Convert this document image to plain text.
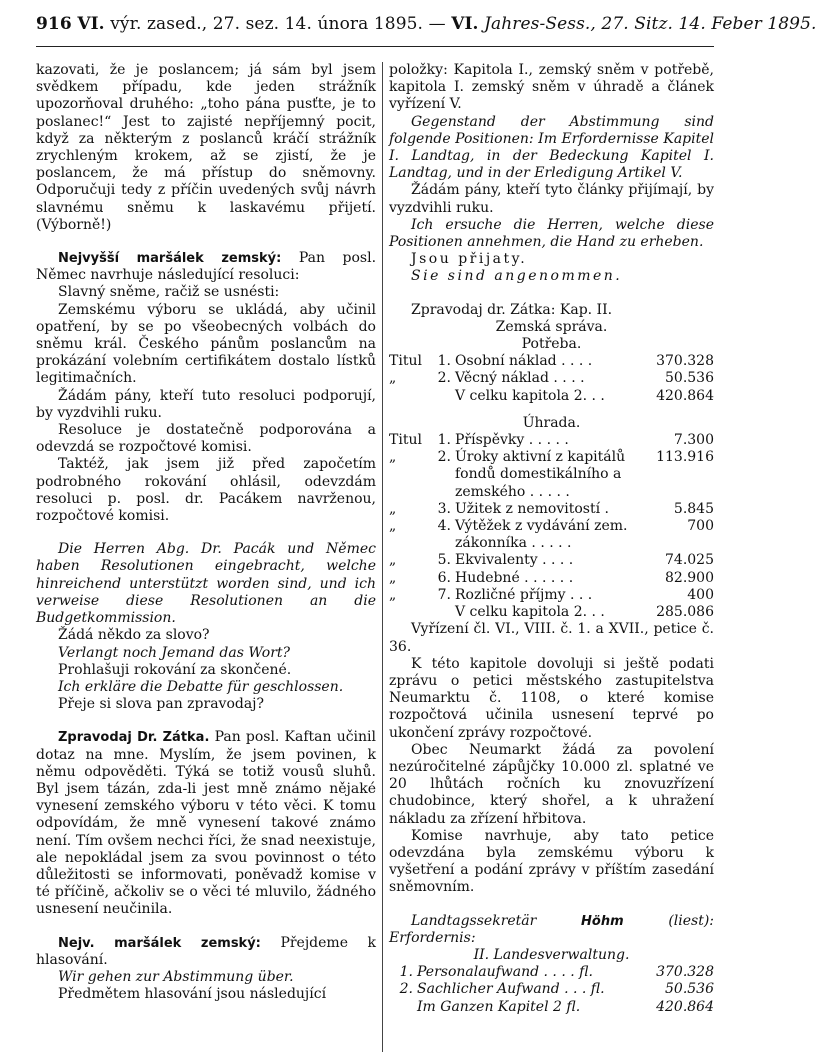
916 VI. výr. zased., 27. sez. 14. února 1895. — VI. Jahres-Sess., 27. Sitz. 14. Feber 1895.

kazovati, že je poslancem; já sám byl jsem svědkem případu, kde jeden strážník upozorňoval druhého: „toho pána pusťte, je to poslanec!“ Jest to zajisté nepříjemný pocit, když za některým z poslanců kráčí strážník zrychleným krokem, až se zjistí, že je poslancem, že má přístup do sněmovny. Odporučuji tedy z příčin uvedených svůj návrh slavnému sněmu k laskavému přijetí. (Výborně!)

Nejvyšší maršálek zemský: Pan posl. Němec navrhuje následující resoluci:

Slavný sněme, račiž se usnésti:

Zemskému výboru se ukládá, aby učinil opatření, by se po všeobecných volbách do sněmu král. Českého pánům poslancům na prokázání volebním certifikátem dostalo lístků legitimačních.

Žádám pány, kteří tuto resoluci podporují, by vyzdvihli ruku.

Resoluce je dostatečně podporována a odevzdá se rozpočtové komisi.

Taktéž, jak jsem již před započetím podrobného rokování ohlásil, odevzdám resoluci p. posl. dr. Pacákem navrženou, rozpočtové komisi.

Die Herren Abg. Dr. Pacák und Němec haben Resolutionen eingebracht, welche hinreichend unterstützt worden sind, und ich verweise diese Resolutionen an die Budgetkommission.

Žádá někdo za slovo?

Verlangt noch Jemand das Wort?

Prohlašuji rokování za skončené.

Ich erkläre die Debatte für geschlossen.

Přeje si slova pan zpravodaj?

Zpravodaj Dr. Zátka. Pan posl. Kaftan učinil dotaz na mne. Myslím, že jsem povinen, k němu odpověděti. Týká se totiž vousů sluhů. Byl jsem tázán, zda-li jest mně známo nějaké vynesení zemského výboru v této věci. K tomu odpovídám, že mně vynesení takové známo není. Tím ovšem nechci říci, že snad neexistuje, ale nepokládal jsem za svou povinnost o této důležitosti se informovati, poněvadž komise v té příčině, ačkoliv se o věci té mluvilo, žádného usnesení neučinila.

Nejv. maršálek zemský: Přejdeme k hlasování.

Wir gehen zur Abstimmung über.

Předmětem hlasování jsou následující

položky: Kapitola I., zemský sněm v potřebě, kapitola I. zemský sněm v úhradě a článek vyřízení V.

Gegenstand der Abstimmung sind folgende Positionen: Im Erfordernisse Kapitel I. Landtag, in der Bedeckung Kapitel I. Landtag, und in der Erledigung Artikel V.

Žádám pány, kteří tyto články přijímají, by vyzdvihli ruku.

Ich ersuche die Herren, welche diese Positionen annehmen, die Hand zu erheben.

Jsou přijaty.

Sie sind angenommen.

Zpravodaj dr. Zátka: Kap. II.

Zemská správa.

Potřeba.

Titul	1.	Osobní náklad . . . .	370.328
„	2.	Věcný náklad . . . .	50.536
		V celku kapitola 2. . .	420.864

Úhrada.

Titul	1.	Příspěvky . . . . .	7.300
„	2.	Úroky aktivní z kapitálů fondů domestikálního a zemského . . . . .	113.916
„	3.	Užitek z nemovitostí .	5.845
„	4.	Výtěžek z vydávání zem. zákonníka . . . . .	700
„	5.	Ekvivalenty . . . .	74.025
„	6.	Hudebné . . . . . .	82.900
„	7.	Rozličné příjmy . . .	400
		V celku kapitola 2. . .	285.086

Vyřízení čl. VI., VIII. č. 1. a XVII., petice č. 36.

K této kapitole dovoluji si ještě podati zprávu o petici městského zastupitelstva Neumarktu č. 1108, o které komise rozpočtová učinila usnesení teprvé po ukončení zprávy rozpočtové.

Obec Neumarkt žádá za povolení nezúročitelné zápůjčky 10.000 zl. splatné ve 20 lhůtách ročních ku znovuzřízení chudobince, který shořel, a k uhražení nákladu za zřízení hřbitova.

Komise navrhuje, aby tato petice odevzdána byla zemskému výboru k vyšetření a podání zprávy v příštím zasedání sněmovním.

Landtagssekretär	Höhm	(liest): Erfordernis:

II. Landesverwaltung.

1.	Personalaufwand . . . . fl.	370.328
2.	Sachlicher Aufwand . . . fl.	50.536
	Im Ganzen Kapitel 2 fl.	420.864
